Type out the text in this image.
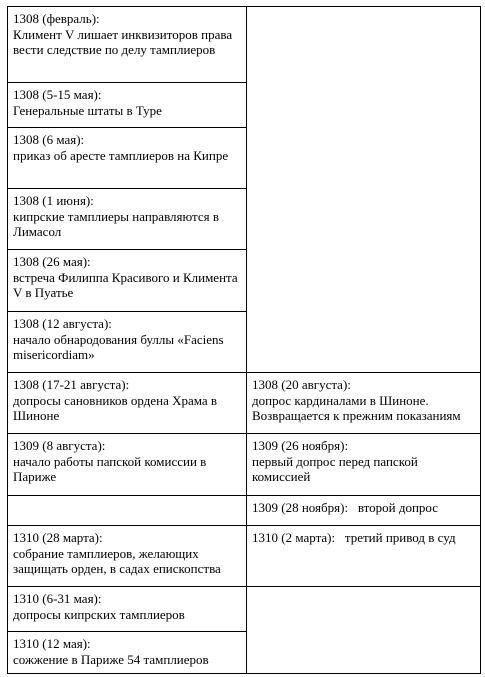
1308 (февраль):
Климент V лишает инквизиторов права вести следствие по делу тамплиеров	

1308 (5-15 мая):
Генеральные штаты в Туре	

1308 (6 мая):
приказ об аресте тамплиеров на Кипре	

1308 (1 июня):
кипрские тамплиеры направляются в Лимасол	

1308 (26 мая):
встреча Филиппа Красивого и Климента V в Пуатье	

1308 (12 августа):
начало обнародования буллы «Faciens misericordiam»	

1308 (17-21 августа):
допросы сановников ордена Храма в Шиноне	1308 (20 августа):
допрос кардиналами в Шиноне. Возвращается к прежним показаниям

1309 (8 августа):
начало работы папской комиссии в Париже	1309 (26 ноября):
первый допрос перед папской комиссией

	1309 (28 ноября): второй допрос

1310 (28 марта):
собрание тамплиеров, желающих защищать орден, в садах епископства	1310 (2 марта): третий привод в суд

1310 (6-31 мая):
допросы кипрских тамплиеров	

1310 (12 мая):
сожжение в Париже 54 тамплиеров	
